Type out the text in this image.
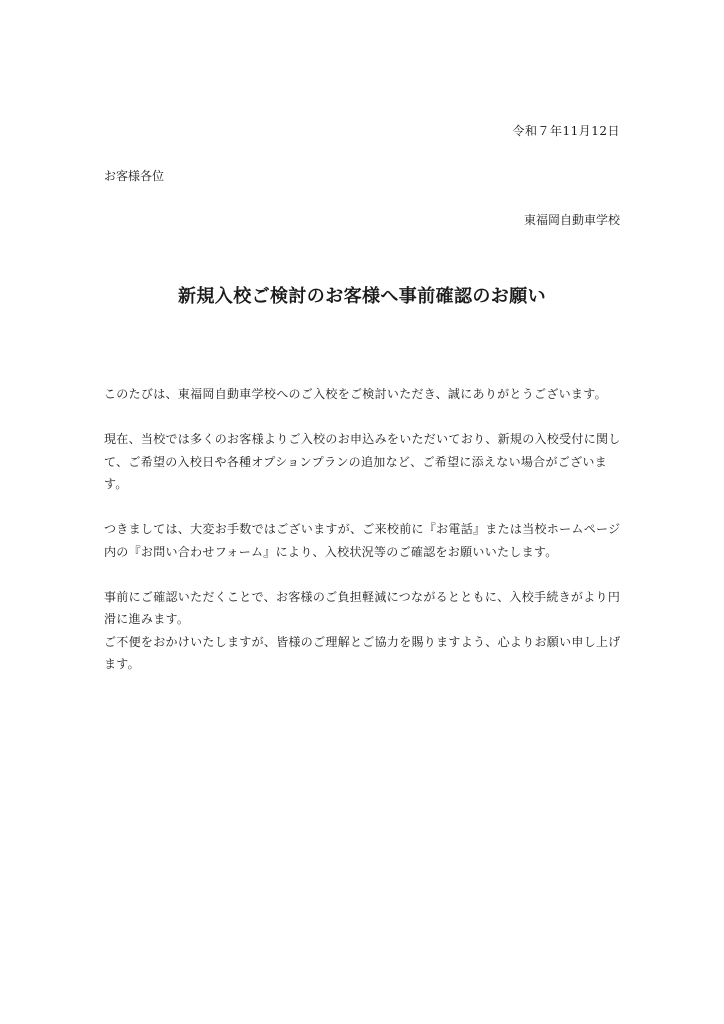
令和７年11月12日
お客様各位
東福岡自動車学校
新規入校ご検討のお客様へ事前確認のお願い

このたびは、東福岡自動車学校へのご入校をご検討いただき、誠にありがとうございます。

現在、当校では多くのお客様よりご入校のお申込みをいただいており、新規の入校受付に関して、ご希望の入校日や各種オプションプランの追加など、ご希望に添えない場合がございます。

つきましては、大変お手数ではございますが、ご来校前に『お電話』または当校ホームページ内の『お問い合わせフォーム』により、入校状況等のご確認をお願いいたします。

事前にご確認いただくことで、お客様のご負担軽減につながるとともに、入校手続きがより円滑に進みます。

ご不便をおかけいたしますが、皆様のご理解とご協力を賜りますよう、心よりお願い申し上げます。
